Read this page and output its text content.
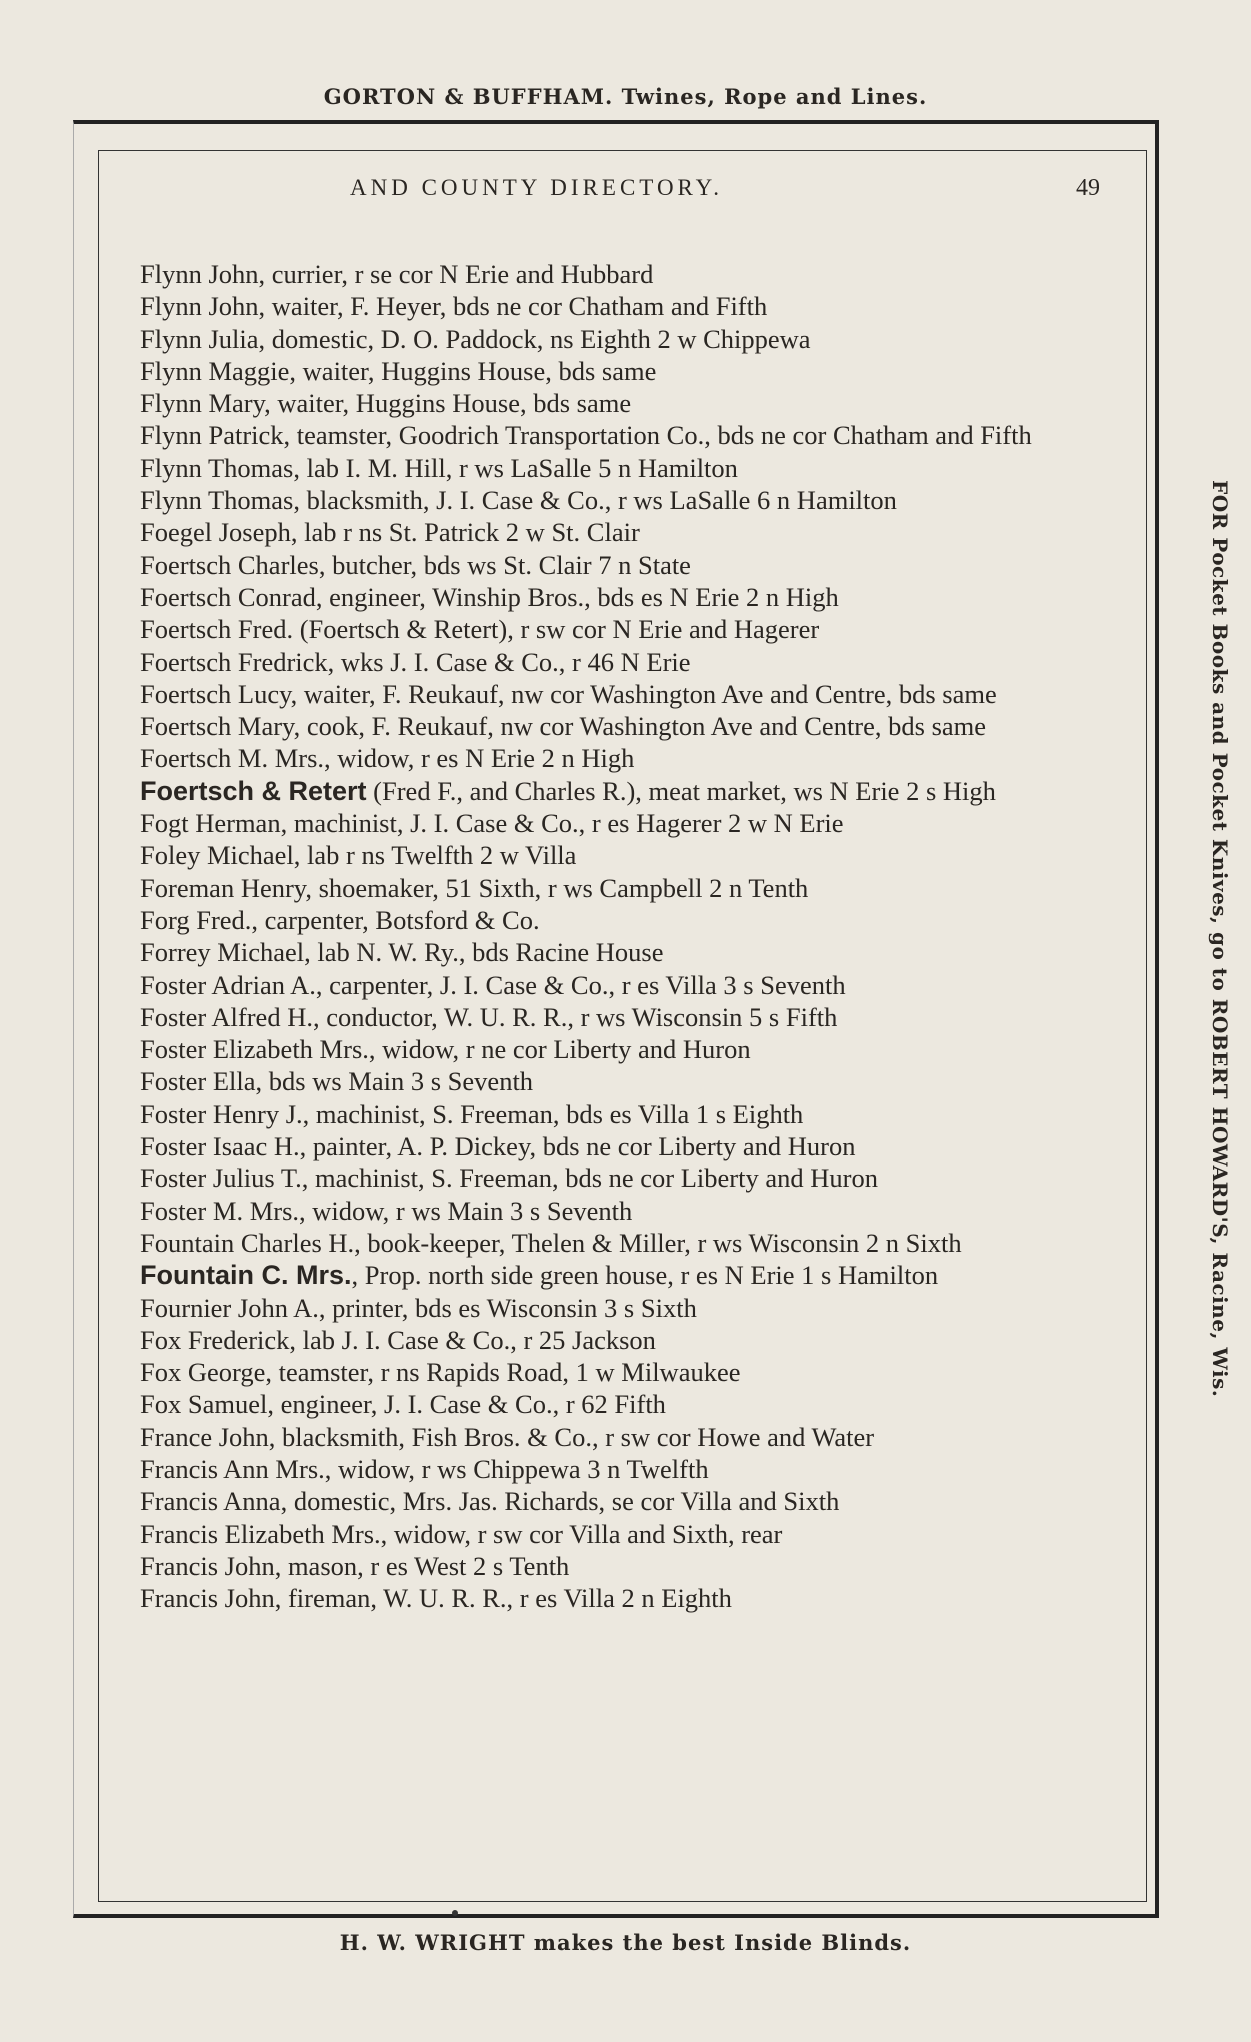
GORTON & BUFFHAM. Twines, Rope and Lines.
FOR Pocket Books and Pocket Knives, go to ROBERT HOWARD'S, Racine, Wis.
AND COUNTY DIRECTORY.	49
Flynn John, currier, r se cor N Erie and Hubbard
Flynn John, waiter, F. Heyer, bds ne cor Chatham and Fifth
Flynn Julia, domestic, D. O. Paddock, ns Eighth 2 w Chippewa
Flynn Maggie, waiter, Huggins House, bds same
Flynn Mary, waiter, Huggins House, bds same
Flynn Patrick, teamster, Goodrich Transportation Co., bds ne cor Chatham and Fifth
Flynn Thomas, lab I. M. Hill, r ws LaSalle 5 n Hamilton
Flynn Thomas, blacksmith, J. I. Case & Co., r ws LaSalle 6 n Hamilton
Foegel Joseph, lab r ns St. Patrick 2 w St. Clair
Foertsch Charles, butcher, bds ws St. Clair 7 n State
Foertsch Conrad, engineer, Winship Bros., bds es N Erie 2 n High
Foertsch Fred. (Foertsch & Retert), r sw cor N Erie and Hagerer
Foertsch Fredrick, wks J. I. Case & Co., r 46 N Erie
Foertsch Lucy, waiter, F. Reukauf, nw cor Washington Ave and Centre, bds same
Foertsch Mary, cook, F. Reukauf, nw cor Washington Ave and Centre, bds same
Foertsch M. Mrs., widow, r es N Erie 2 n High
Foertsch & Retert (Fred F., and Charles R.), meat market, ws N Erie 2 s High
Fogt Herman, machinist, J. I. Case & Co., r es Hagerer 2 w N Erie
Foley Michael, lab r ns Twelfth 2 w Villa
Foreman Henry, shoemaker, 51 Sixth, r ws Campbell 2 n Tenth
Forg Fred., carpenter, Botsford & Co.
Forrey Michael, lab N. W. Ry., bds Racine House
Foster Adrian A., carpenter, J. I. Case & Co., r es Villa 3 s Seventh
Foster Alfred H., conductor, W. U. R. R., r ws Wisconsin 5 s Fifth
Foster Elizabeth Mrs., widow, r ne cor Liberty and Huron
Foster Ella, bds ws Main 3 s Seventh
Foster Henry J., machinist, S. Freeman, bds es Villa 1 s Eighth
Foster Isaac H., painter, A. P. Dickey, bds ne cor Liberty and Huron
Foster Julius T., machinist, S. Freeman, bds ne cor Liberty and Huron
Foster M. Mrs., widow, r ws Main 3 s Seventh
Fountain Charles H., book-keeper, Thelen & Miller, r ws Wisconsin 2 n Sixth
Fountain C. Mrs., Prop. north side green house, r es N Erie 1 s Hamilton
Fournier John A., printer, bds es Wisconsin 3 s Sixth
Fox Frederick, lab J. I. Case & Co., r 25 Jackson
Fox George, teamster, r ns Rapids Road, 1 w Milwaukee
Fox Samuel, engineer, J. I. Case & Co., r 62 Fifth
France John, blacksmith, Fish Bros. & Co., r sw cor Howe and Water
Francis Ann Mrs., widow, r ws Chippewa 3 n Twelfth
Francis Anna, domestic, Mrs. Jas. Richards, se cor Villa and Sixth
Francis Elizabeth Mrs., widow, r sw cor Villa and Sixth, rear
Francis John, mason, r es West 2 s Tenth
Francis John, fireman, W. U. R. R., r es Villa 2 n Eighth
H. W. WRIGHT makes the best Inside Blinds.
